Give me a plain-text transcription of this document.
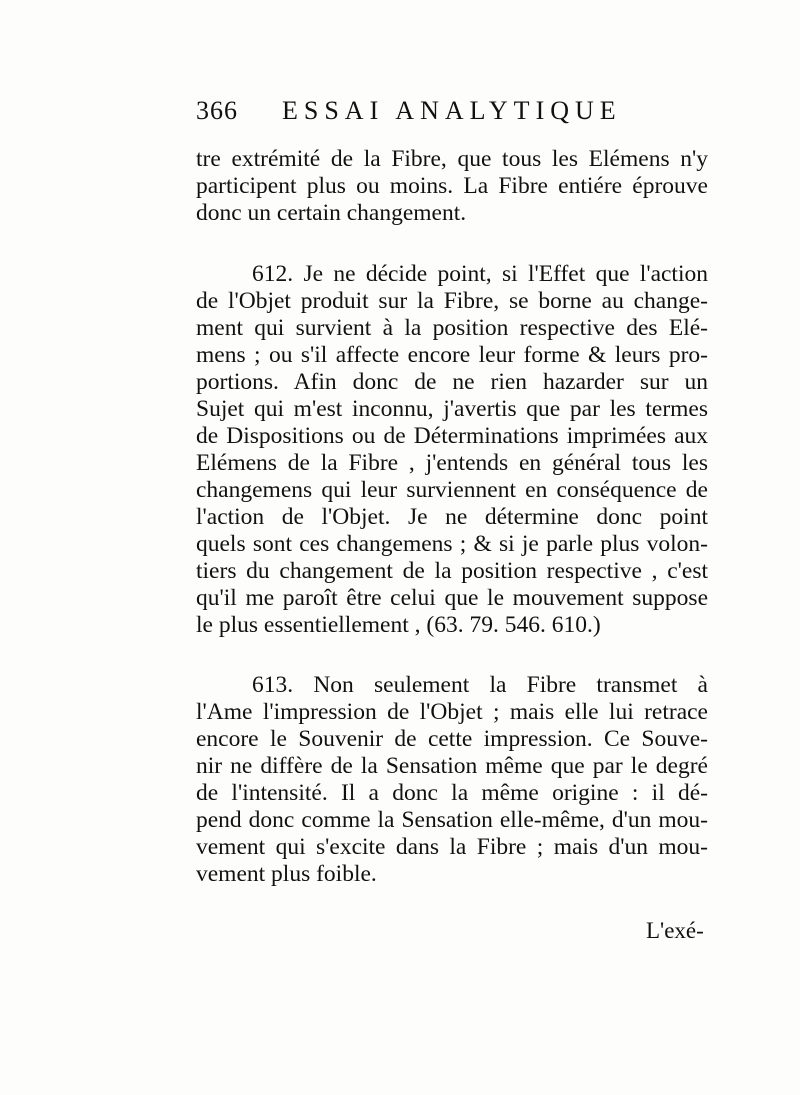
366 ESSAI ANALYTIQUE
tre extrémité de la Fibre, que tous les Elémens n'y
participent plus ou moins. La Fibre entiére éprouve
donc un certain changement.
612. Je ne décide point, si l'Effet que l'action
de l'Objet produit sur la Fibre, se borne au change-
ment qui survient à la position respective des Elé-
mens ; ou s'il affecte encore leur forme & leurs pro-
portions. Afin donc de ne rien hazarder sur un
Sujet qui m'est inconnu, j'avertis que par les termes
de Dispositions ou de Déterminations imprimées aux
Elémens de la Fibre , j'entends en général tous les
changemens qui leur surviennent en conséquence de
l'action de l'Objet. Je ne détermine donc point
quels sont ces changemens ; & si je parle plus volon-
tiers du changement de la position respective , c'est
qu'il me paroît être celui que le mouvement suppose
le plus essentiellement , (63. 79. 546. 610.)
613. Non seulement la Fibre transmet à
l'Ame l'impression de l'Objet ; mais elle lui retrace
encore le Souvenir de cette impression. Ce Souve-
nir ne diffère de la Sensation même que par le degré
de l'intensité. Il a donc la même origine : il dé-
pend donc comme la Sensation elle-même, d'un mou-
vement qui s'excite dans la Fibre ; mais d'un mou-
vement plus foible.
L'exé-
